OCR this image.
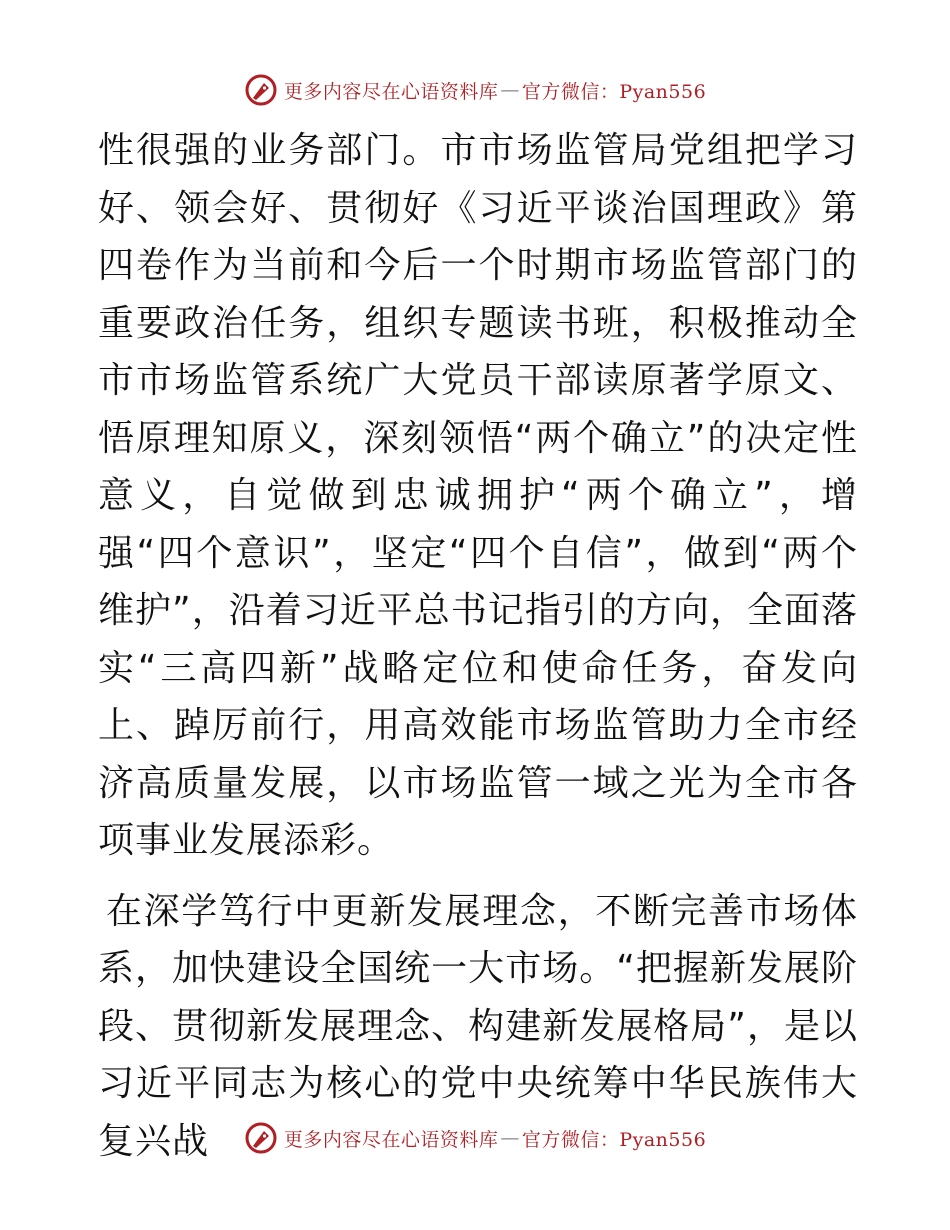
更多内容尽在心语资料库 — 官方微信：Pyan556

性很强的业务部门。市市场监管局党组把学习好、领会好、贯彻好《习近平谈治国理政》第四卷作为当前和今后一个时期市场监管部门的重要政治任务，组织专题读书班，积极推动全市市场监管系统广大党员干部读原著学原文、悟原理知原义，深刻领悟“两个确立”的决定性意义，自觉做到忠诚拥护“两个确立”，增强“四个意识”，坚定“四个自信”，做到“两个维护”，沿着习近平总书记指引的方向，全面落实“三高四新”战略定位和使命任务，奋发向上、踔厉前行，用高效能市场监管助力全市经济高质量发展，以市场监管一域之光为全市各项事业发展添彩。

在深学笃行中更新发展理念，不断完善市场体系，加快建设全国统一大市场。“把握新发展阶段、贯彻新发展理念、构建新发展格局”，是以习近平同志为核心的党中央统筹中华民族伟大复兴战	更多内容尽在心语资料库 — 官方微信：Pyan556
